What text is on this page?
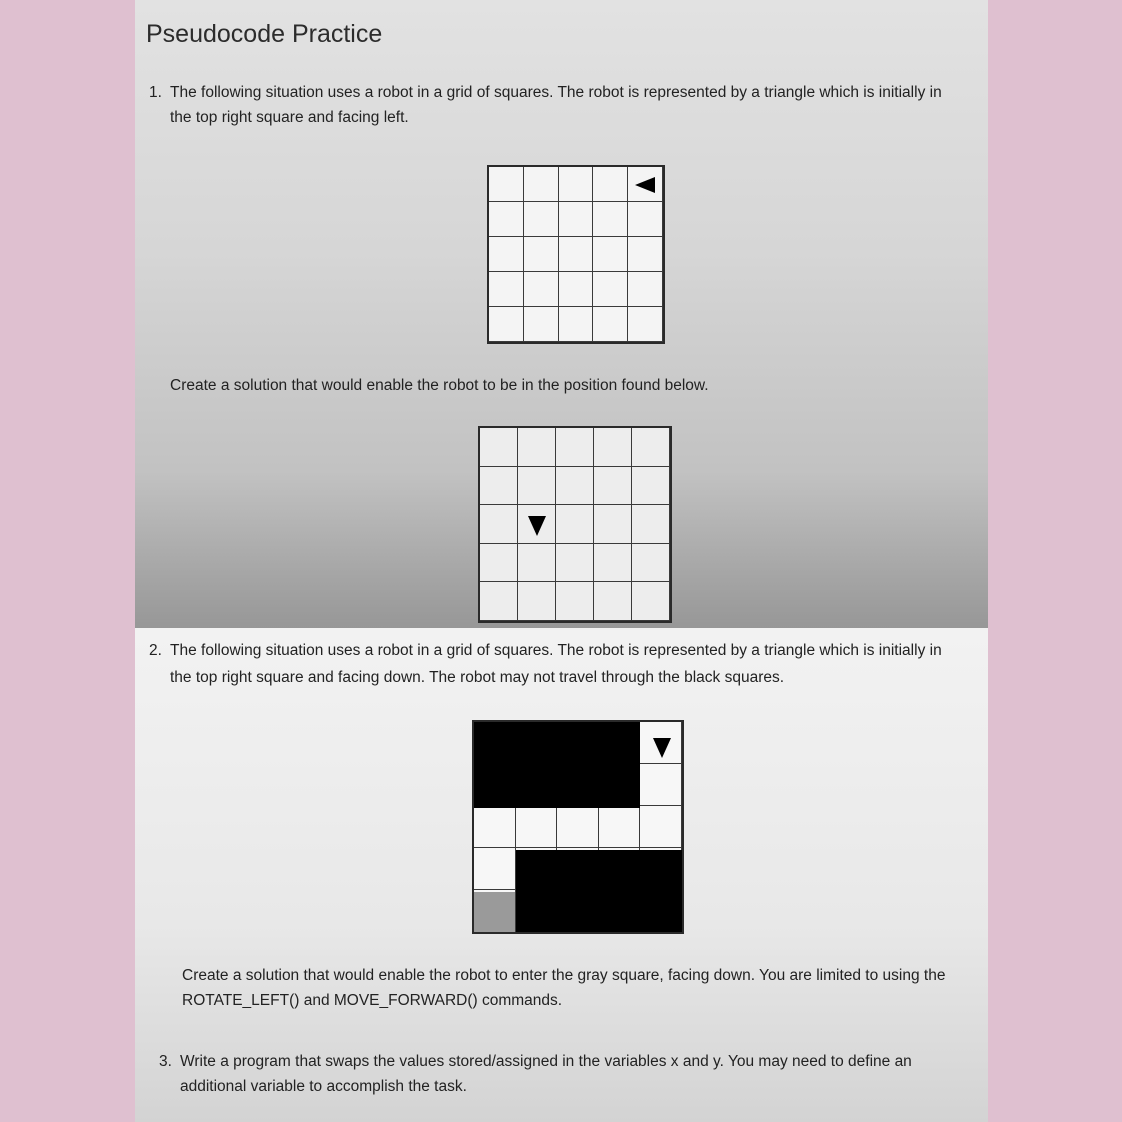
Pseudocode Practice
1. The following situation uses a robot in a grid of squares. The robot is represented by a triangle which is initially in
the top right square and facing left.
Create a solution that would enable the robot to be in the position found below.
2. The following situation uses a robot in a grid of squares. The robot is represented by a triangle which is initially in
the top right square and facing down. The robot may not travel through the black squares.
Create a solution that would enable the robot to enter the gray square, facing down. You are limited to using the
ROTATE_LEFT() and MOVE_FORWARD() commands.
3. Write a program that swaps the values stored/assigned in the variables x and y. You may need to define an
additional variable to accomplish the task.
